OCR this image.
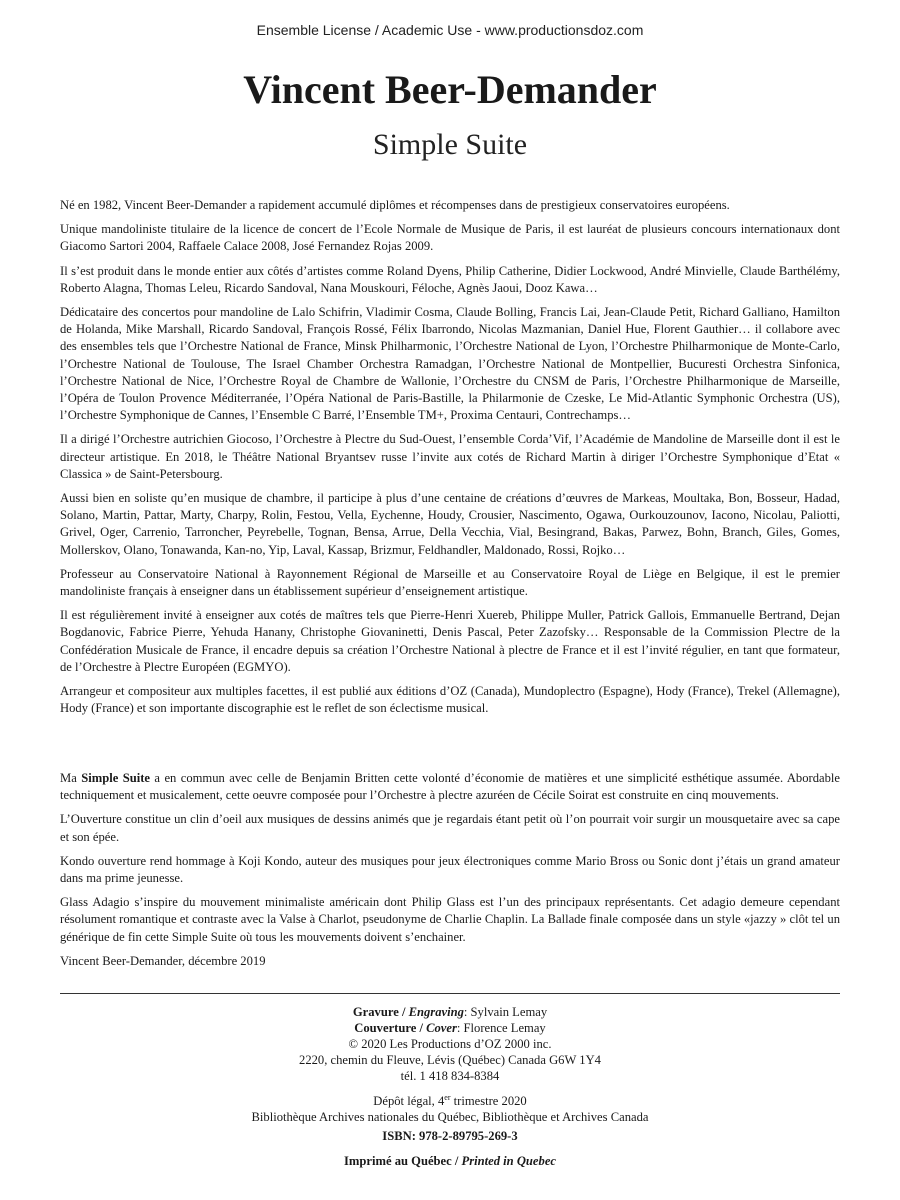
Ensemble License / Academic Use - www.productionsdoz.com
Vincent Beer-Demander
Simple Suite

Né en 1982, Vincent Beer-Demander a rapidement accumulé diplômes et récompenses dans de prestigieux conservatoires européens.

Unique mandoliniste titulaire de la licence de concert de l’Ecole Normale de Musique de Paris, il est lauréat de plusieurs concours internationaux dont Giacomo Sartori 2004, Raffaele Calace 2008, José Fernandez Rojas 2009.

Il s’est produit dans le monde entier aux côtés d’artistes comme Roland Dyens, Philip Catherine, Didier Lockwood, André Minvielle, Claude Barthélémy, Roberto Alagna, Thomas Leleu, Ricardo Sandoval, Nana Mouskouri, Féloche, Agnès Jaoui, Dooz Kawa…

Dédicataire des concertos pour mandoline de Lalo Schifrin, Vladimir Cosma, Claude Bolling, Francis Lai, Jean-Claude Petit, Richard Galliano, Hamilton de Holanda, Mike Marshall, Ricardo Sandoval, François Rossé, Félix Ibarrondo, Nicolas Mazmanian, Daniel Hue, Florent Gauthier… il collabore avec des ensembles tels que l’Orchestre National de France, Minsk Philharmonic, l’Orchestre National de Lyon, l’Orchestre Philharmonique de Monte-Carlo, l’Orchestre National de Toulouse, The Israel Chamber Orchestra Ramadgan, l’Orchestre National de Montpellier, Bucuresti Orchestra Sinfonica, l’Orchestre National de Nice, l’Orchestre Royal de Chambre de Wallonie, l’Orchestre du CNSM de Paris, l’Orchestre Philharmonique de Marseille, l’Opéra de Toulon Provence Méditerranée, l’Opéra National de Paris-Bastille, la Philarmonie de Czeske, Le Mid-Atlantic Symphonic Orchestra (US), l’Orchestre Symphonique de Cannes, l’Ensemble C Barré, l’Ensemble TM+, Proxima Centauri, Contrechamps…

Il a dirigé l’Orchestre autrichien Giocoso, l’Orchestre à Plectre du Sud-Ouest, l’ensemble Corda’Vif, l’Académie de Mandoline de Marseille dont il est le directeur artistique. En 2018, le Théâtre National Bryantsev russe l’invite aux cotés de Richard Martin à diriger l’Orchestre Symphonique d’Etat « Classica » de Saint-Petersbourg.

Aussi bien en soliste qu’en musique de chambre, il participe à plus d’une centaine de créations d’œuvres de Markeas, Moultaka, Bon, Bosseur, Hadad, Solano, Martin, Pattar, Marty, Charpy, Rolin, Festou, Vella, Eychenne, Houdy, Crousier, Nascimento, Ogawa, Ourkouzounov, Iacono, Nicolau, Paliotti, Grivel, Oger, Carrenio, Tarroncher, Peyrebelle, Tognan, Bensa, Arrue, Della Vecchia, Vial, Besingrand, Bakas, Parwez, Bohn, Branch, Giles, Gomes, Mollerskov, Olano, Tonawanda, Kan-no, Yip, Laval, Kassap, Brizmur, Feldhandler, Maldonado, Rossi, Rojko…

Professeur au Conservatoire National à Rayonnement Régional de Marseille et au Conservatoire Royal de Liège en Belgique, il est le premier mandoliniste français à enseigner dans un établissement supérieur d’enseignement artistique.

Il est régulièrement invité à enseigner aux cotés de maîtres tels que Pierre-Henri Xuereb, Philippe Muller, Patrick Gallois, Emmanuelle Bertrand, Dejan Bogdanovic, Fabrice Pierre, Yehuda Hanany, Christophe Giovaninetti, Denis Pascal, Peter Zazofsky… Responsable de la Commission Plectre de la Confédération Musicale de France, il encadre depuis sa création l’Orchestre National à plectre de France et il est l’invité régulier, en tant que formateur, de l’Orchestre à Plectre Européen (EGMYO).

Arrangeur et compositeur aux multiples facettes, il est publié aux éditions d’OZ (Canada), Mundoplectro (Espagne), Hody (France), Trekel (Allemagne), Hody (France) et son importante discographie est le reflet de son éclectisme musical.

Ma Simple Suite a en commun avec celle de Benjamin Britten cette volonté d’économie de matières et une simplicité esthétique assumée. Abordable techniquement et musicalement, cette oeuvre composée pour l’Orchestre à plectre azuréen de Cécile Soirat est construite en cinq mouvements.

L’Ouverture constitue un clin d’oeil aux musiques de dessins animés que je regardais étant petit où l’on pourrait voir surgir un mousquetaire avec sa cape et son épée.

Kondo ouverture rend hommage à Koji Kondo, auteur des musiques pour jeux électroniques comme Mario Bross ou Sonic dont j’étais un grand amateur dans ma prime jeunesse.

Glass Adagio s’inspire du mouvement minimaliste américain dont Philip Glass est l’un des principaux représentants. Cet adagio demeure cependant résolument romantique et contraste avec la Valse à Charlot, pseudonyme de Charlie Chaplin. La Ballade finale composée dans un style «jazzy » clôt tel un générique de fin cette Simple Suite où tous les mouvements doivent s’enchainer.

Vincent Beer-Demander, décembre 2019

Gravure / Engraving: Sylvain Lemay
Couverture / Cover: Florence Lemay
© 2020 Les Productions d’OZ 2000 inc.
2220, chemin du Fleuve, Lévis (Québec) Canada G6W 1Y4
tél. 1 418 834-8384
Dépôt légal, 4er trimestre 2020
Bibliothèque Archives nationales du Québec, Bibliothèque et Archives Canada
ISBN: 978-2-89795-269-3
Imprimé au Québec / Printed in Quebec
